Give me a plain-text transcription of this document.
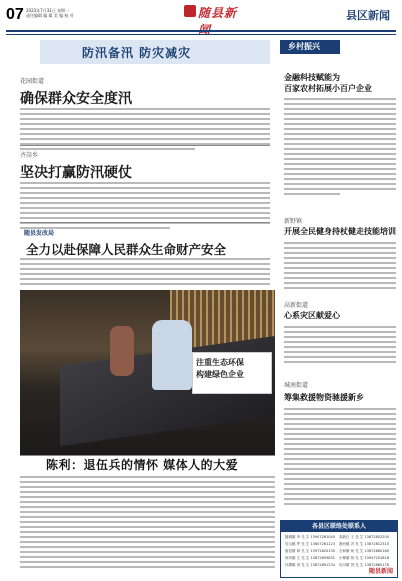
07 2023年7月31日 星期一
责任编辑 编 辑 美 编 校 对	随县新	县区新闻
防汛备汛 防灾减灾
花园街道
确保群众安全度汛
齐岗乡
坚决打赢防汛硬仗
随县发改局
全力以赴保障人民群众生命财产安全
注重生态环保
构建绿色企业
乡村振兴
金融科技赋能为
百家农村拓展小百户企业
新野镇
开展全民健身持杖健走技能培训
高新街道
心系灾区献爱心
城南街道
筹集救援物资驰援新乡
陈利：退伍兵的情怀 媒体人的大爱
各县区联络处联系人
随城镇 李 先 生 13907261040 高新区 王 先 生 13872802200
厉山镇 罗 先 生 13607261123 淅河镇 冯 先 生 13872812310
唐县镇 林 先 生 13972820130 万和镇 何 先 生 13872880180
尚市镇 王 先 生 13872859831 小林镇 何 先 生 13907201818
环潭镇 刘 先 生 13872891234 均川镇 刘 先 生 13872860178
随县新闻
